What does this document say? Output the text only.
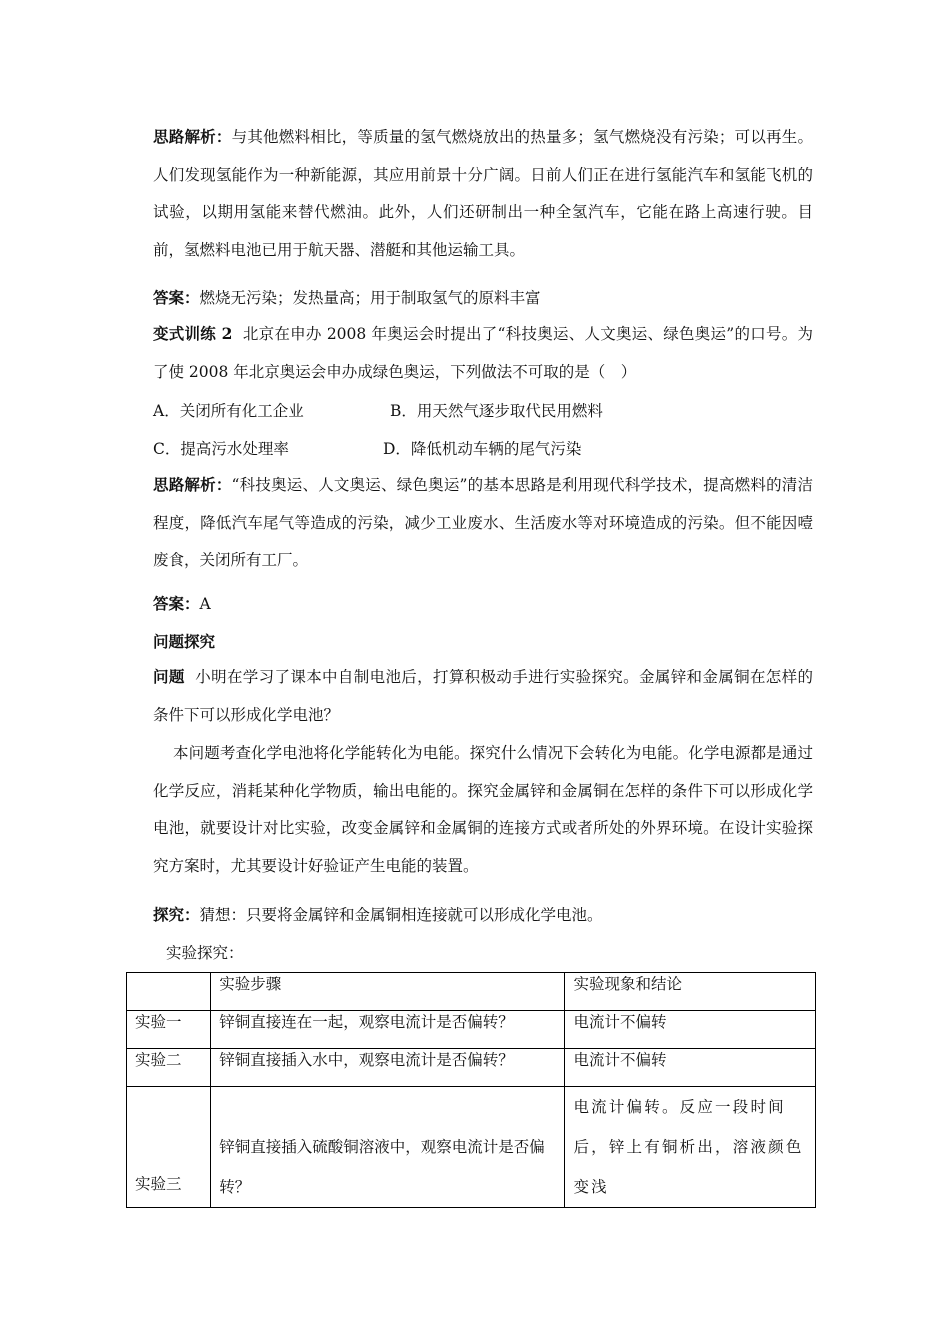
思路解析：与其他燃料相比，等质量的氢气燃烧放出的热量多；氢气燃烧没有污染；可以再生。人们发现氢能作为一种新能源，其应用前景十分广阔。日前人们正在进行氢能汽车和氢能飞机的试验，以期用氢能来替代燃油。此外，人们还研制出一种全氢汽车，它能在路上高速行驶。目前，氢燃料电池已用于航天器、潜艇和其他运输工具。
答案：燃烧无污染；发热量高；用于制取氢气的原料丰富
变式训练 2 北京在申办 2008 年奥运会时提出了“科技奥运、人文奥运、绿色奥运”的口号。为了使 2008 年北京奥运会申办成绿色奥运，下列做法不可取的是（　）
A．关闭所有化工企业	B．用天然气逐步取代民用燃料
C．提高污水处理率	D．降低机动车辆的尾气污染
思路解析：“科技奥运、人文奥运、绿色奥运”的基本思路是利用现代科学技术，提高燃料的清洁程度，降低汽车尾气等造成的污染，减少工业废水、生活废水等对环境造成的污染。但不能因噎废食，关闭所有工厂。
答案：A
问题探究
问题 小明在学习了课本中自制电池后，打算积极动手进行实验探究。金属锌和金属铜在怎样的条件下可以形成化学电池？
本问题考查化学电池将化学能转化为电能。探究什么情况下会转化为电能。化学电源都是通过化学反应，消耗某种化学物质，输出电能的。探究金属锌和金属铜在怎样的条件下可以形成化学电池，就要设计对比实验，改变金属锌和金属铜的连接方式或者所处的外界环境。在设计实验探究方案时，尤其要设计好验证产生电能的装置。
探究：猜想：只要将金属锌和金属铜相连接就可以形成化学电池。
实验探究：
	实验步骤	实验现象和结论
实验一	锌铜直接连在一起，观察电流计是否偏转？	电流计不偏转
实验二	锌铜直接插入水中，观察电流计是否偏转？	电流计不偏转
实验三	锌铜直接插入硫酸铜溶液中，观察电流计是否偏转？	电流计偏转。反应一段时间后，锌上有铜析出，溶液颜色变浅
